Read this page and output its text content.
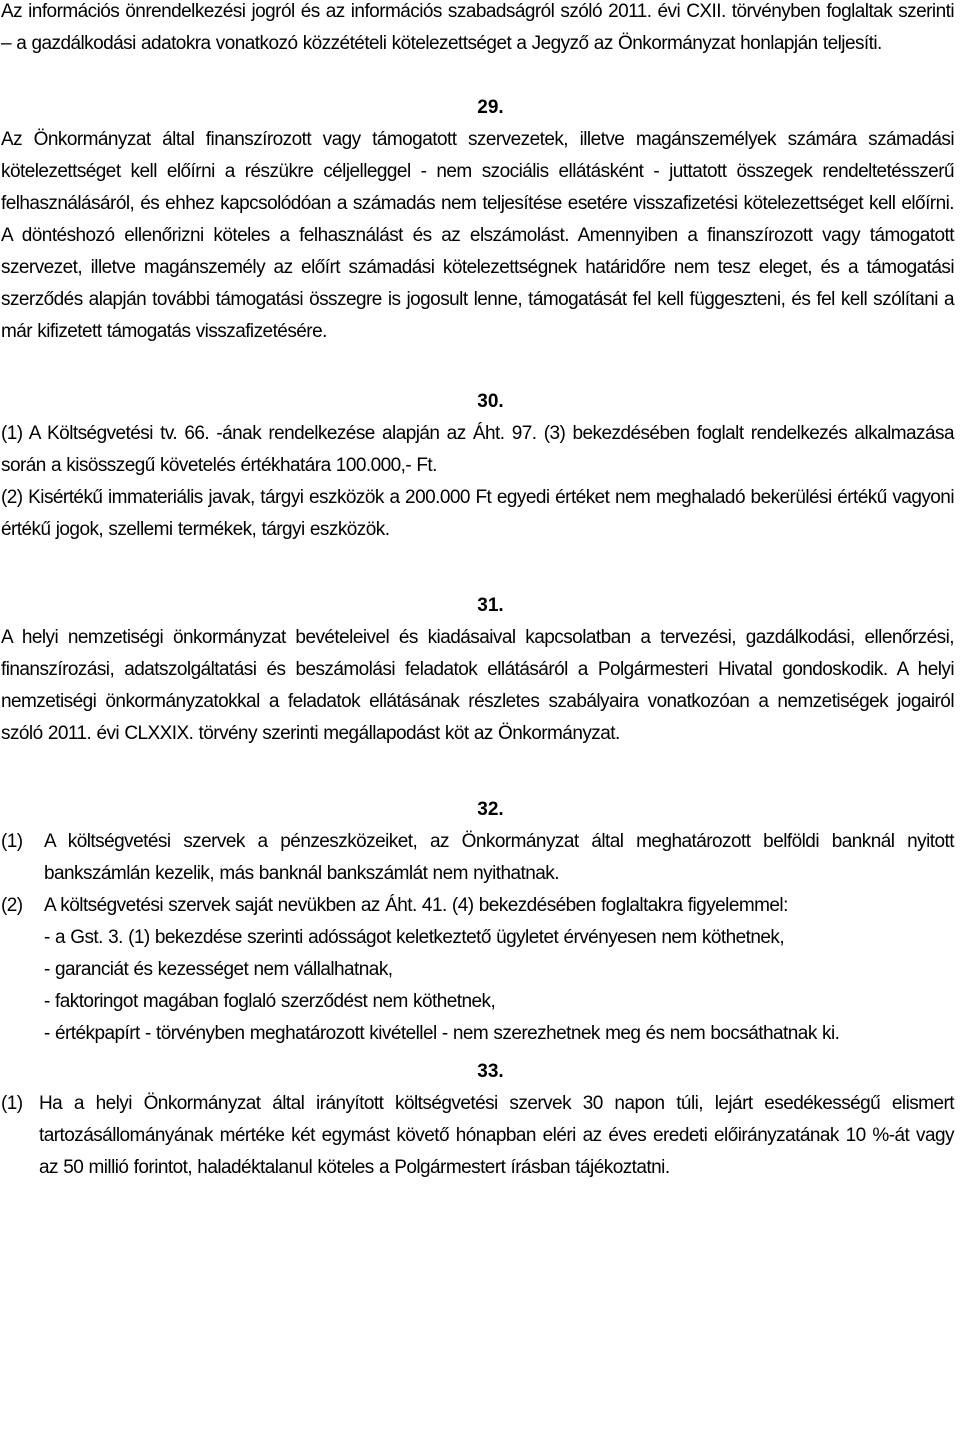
Az információs önrendelkezési jogról és az információs szabadságról szóló 2011. évi CXII. törvényben foglaltak szerinti – a gazdálkodási adatokra vonatkozó közzétételi kötelezettséget a Jegyző az Önkormányzat honlapján teljesíti.

29.

Az Önkormányzat által finanszírozott vagy támogatott szervezetek, illetve magánszemélyek számára számadási kötelezettséget kell előírni a részükre céljelleggel - nem szociális ellátásként - juttatott összegek rendeltetésszerű felhasználásáról, és ehhez kapcsolódóan a számadás nem teljesítése esetére visszafizetési kötelezettséget kell előírni. A döntéshozó ellenőrizni köteles a felhasználást és az elszámolást. Amennyiben a finanszírozott vagy támogatott szervezet, illetve magánszemély az előírt számadási kötelezettségnek határidőre nem tesz eleget, és a támogatási szerződés alapján további támogatási összegre is jogosult lenne, támogatását fel kell függeszteni, és fel kell szólítani a már kifizetett támogatás visszafizetésére.

30.

(1) A Költségvetési tv. 66. -ának rendelkezése alapján az Áht. 97. (3) bekezdésében foglalt rendelkezés alkalmazása során a kisösszegű követelés értékhatára 100.000,- Ft.

(2) Kisértékű immateriális javak, tárgyi eszközök a 200.000 Ft egyedi értéket nem meghaladó bekerülési értékű vagyoni értékű jogok, szellemi termékek, tárgyi eszközök.

31.

A helyi nemzetiségi önkormányzat bevételeivel és kiadásaival kapcsolatban a tervezési, gazdálkodási, ellenőrzési, finanszírozási, adatszolgáltatási és beszámolási feladatok ellátásáról a Polgármesteri Hivatal gondoskodik. A helyi nemzetiségi önkormányzatokkal a feladatok ellátásának részletes szabályaira vonatkozóan a nemzetiségek jogairól szóló 2011. évi CLXXIX. törvény szerinti megállapodást köt az Önkormányzat.

32.

(1)	A költségvetési szervek a pénzeszközeiket, az Önkormányzat által meghatározott belföldi banknál nyitott bankszámlán kezelik, más banknál bankszámlát nem nyithatnak.
(2)	A költségvetési szervek saját nevükben az Áht. 41. (4) bekezdésében foglaltakra figyelemmel:

- a Gst. 3. (1) bekezdése szerinti adósságot keletkeztető ügyletet érvényesen nem köthetnek,

- garanciát és kezességet nem vállalhatnak,

- faktoringot magában foglaló szerződést nem köthetnek,

- értékpapírt - törvényben meghatározott kivétellel - nem szerezhetnek meg és nem bocsáthatnak ki.

33.

(1) Ha a helyi Önkormányzat által irányított költségvetési szervek 30 napon túli, lejárt esedékességű elismert tartozásállományának mértéke két egymást követő hónapban eléri az éves eredeti előirányzatának 10 %-át vagy az 50 millió forintot, haladéktalanul köteles a Polgármestert írásban tájékoztatni.
